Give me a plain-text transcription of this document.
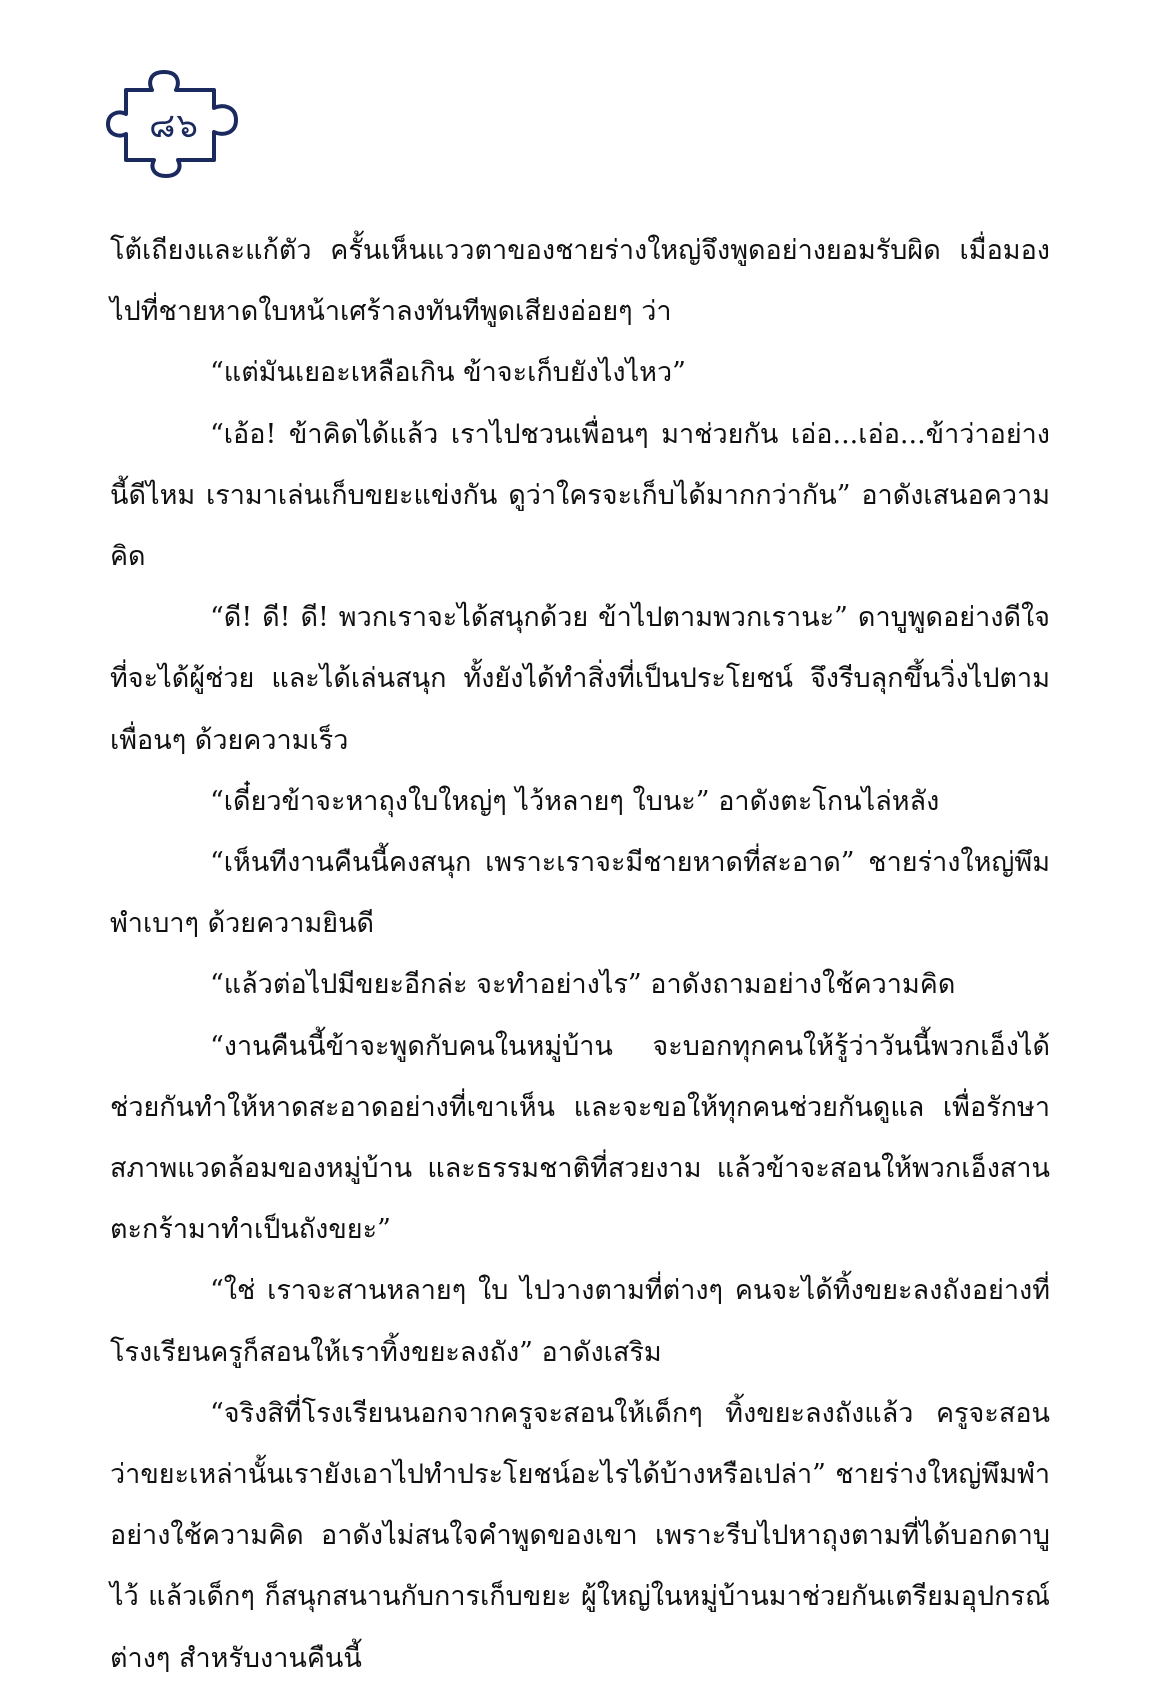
๘๖

โต้เถียงและแก้ตัว ครั้นเห็นแววตาของชายร่างใหญ่จึงพูดอย่างยอมรับผิด เมื่อมองไปที่ชายหาดใบหน้าเศร้าลงทันทีพูดเสียงอ่อยๆ ว่า

“แต่มันเยอะเหลือเกิน ข้าจะเก็บยังไงไหว”

“เอ้อ! ข้าคิดได้แล้ว เราไปชวนเพื่อนๆ มาช่วยกัน เอ่อ...เอ่อ...ข้าว่าอย่างนี้ดีไหม เรามาเล่นเก็บขยะแข่งกัน ดูว่าใครจะเก็บได้มากกว่ากัน” อาดังเสนอความคิด

“ดี! ดี! ดี! พวกเราจะได้สนุกด้วย ข้าไปตามพวกเรานะ” ดาบูพูดอย่างดีใจที่จะได้ผู้ช่วย และได้เล่นสนุก ทั้งยังได้ทำสิ่งที่เป็นประโยชน์ จึงรีบลุกขึ้นวิ่งไปตามเพื่อนๆ ด้วยความเร็ว

“เดี๋ยวข้าจะหาถุงใบใหญ่ๆ ไว้หลายๆ ใบนะ” อาดังตะโกนไล่หลัง

“เห็นทีงานคืนนี้คงสนุก เพราะเราจะมีชายหาดที่สะอาด” ชายร่างใหญ่พึมพำเบาๆ ด้วยความยินดี

“แล้วต่อไปมีขยะอีกล่ะ จะทำอย่างไร” อาดังถามอย่างใช้ความคิด

“งานคืนนี้ข้าจะพูดกับคนในหมู่บ้าน จะบอกทุกคนให้รู้ว่าวันนี้พวกเอ็งได้ช่วยกันทำให้หาดสะอาดอย่างที่เขาเห็น และจะขอให้ทุกคนช่วยกันดูแล เพื่อรักษาสภาพแวดล้อมของหมู่บ้าน และธรรมชาติที่สวยงาม แล้วข้าจะสอนให้พวกเอ็งสานตะกร้ามาทำเป็นถังขยะ”

“ใช่ เราจะสานหลายๆ ใบ ไปวางตามที่ต่างๆ คนจะได้ทิ้งขยะลงถังอย่างที่โรงเรียนครูก็สอนให้เราทิ้งขยะลงถัง” อาดังเสริม

“จริงสิที่โรงเรียนนอกจากครูจะสอนให้เด็กๆ ทิ้งขยะลงถังแล้ว ครูจะสอนว่าขยะเหล่านั้นเรายังเอาไปทำประโยชน์อะไรได้บ้างหรือเปล่า” ชายร่างใหญ่พึมพำอย่างใช้ความคิด อาดังไม่สนใจคำพูดของเขา เพราะรีบไปหาถุงตามที่ได้บอกดาบูไว้ แล้วเด็กๆ ก็สนุกสนานกับการเก็บขยะ ผู้ใหญ่ในหมู่บ้านมาช่วยกันเตรียมอุปกรณ์ต่างๆ สำหรับงานคืนนี้
